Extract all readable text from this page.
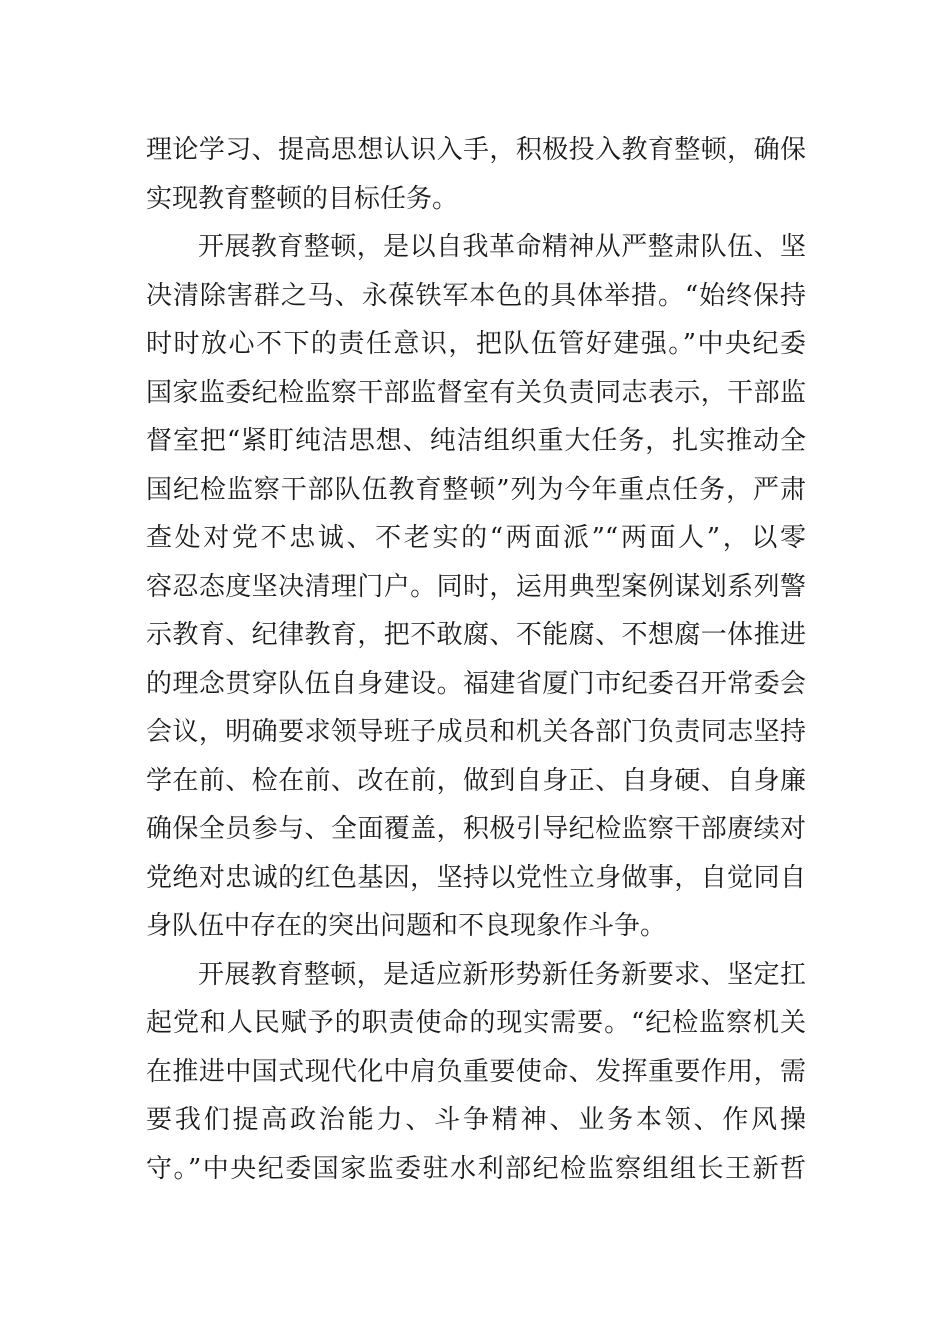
理论学习、提高思想认识入手，积极投入教育整顿，确保
实现教育整顿的目标任务。
开展教育整顿，是以自我革命精神从严整肃队伍、坚
决清除害群之马、永葆铁军本色的具体举措。“始终保持
时时放心不下的责任意识，把队伍管好建强。”中央纪委
国家监委纪检监察干部监督室有关负责同志表示，干部监
督室把“紧盯纯洁思想、纯洁组织重大任务，扎实推动全
国纪检监察干部队伍教育整顿”列为今年重点任务，严肃
查处对党不忠诚、不老实的“两面派”“两面人”，以零
容忍态度坚决清理门户。同时，运用典型案例谋划系列警
示教育、纪律教育，把不敢腐、不能腐、不想腐一体推进
的理念贯穿队伍自身建设。福建省厦门市纪委召开常委会
会议，明确要求领导班子成员和机关各部门负责同志坚持
学在前、检在前、改在前，做到自身正、自身硬、自身廉
确保全员参与、全面覆盖，积极引导纪检监察干部赓续对
党绝对忠诚的红色基因，坚持以党性立身做事，自觉同自
身队伍中存在的突出问题和不良现象作斗争。
开展教育整顿，是适应新形势新任务新要求、坚定扛
起党和人民赋予的职责使命的现实需要。“纪检监察机关
在推进中国式现代化中肩负重要使命、发挥重要作用，需
要我们提高政治能力、斗争精神、业务本领、作风操
守。”中央纪委国家监委驻水利部纪检监察组组长王新哲
